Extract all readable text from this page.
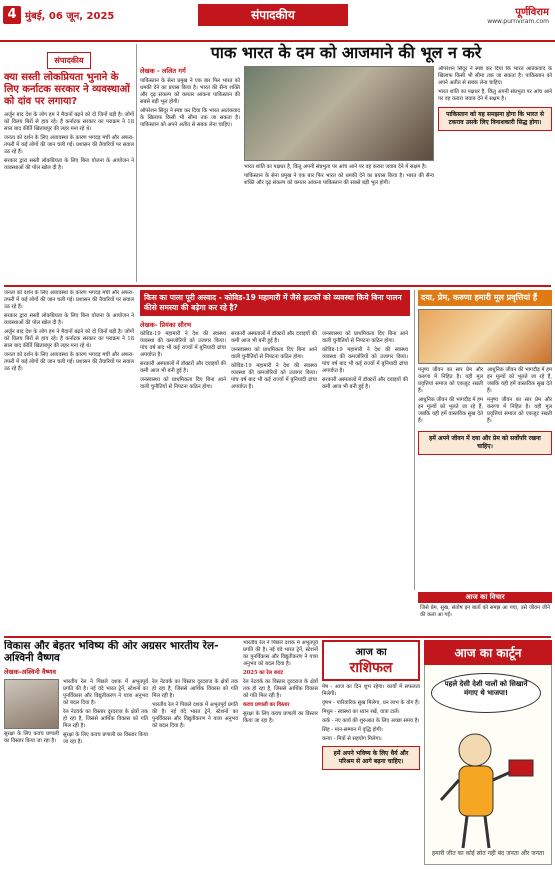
4 मुंबई, 06 जून, 2025	संपादकीय	पूर्णविराम
www.purnviram.com
पाक भारत के दम को आजमाने की भूल न करे
संपादकीय
क्या सस्ती लोकप्रियता भुनाने के लिए कर्नाटक सरकार ने व्यवस्थाओं को दांव पर लगाया?

अर्जुन बाद देश के लोग हम ने मैदानों बढ़ने को दो जिनों बड़ी है। जोगों को विलय बिरों से हाय रहे। है कर्नाटक सरकार का पराक्रम ने 18 साल बाद कीर्ति खिताबपुर की लहर मना रहे थे।

जनता को दर्शन के लिए अव्यवस्था के कारण भगदड़ मची और अफरा-तफरी में कई लोगों की जान चली गई। प्रशासन की तैयारियों पर सवाल उठ रहे हैं।

सरकार द्वारा सस्ती लोकप्रियता के लिए बिना योजना के आयोजन ने व्यवस्थाओं की पोल खोल दी है।

लेखक - ललित गर्ग

पाकिस्तान के सेना प्रमुख ने एक बार फिर भारत को धमकी देने का प्रयास किया है। भारत की सैन्य शक्ति और दृढ़ संकल्प को कमतर आंकना पाकिस्तान की सबसे बड़ी भूल होगी।

ऑपरेशन सिंदूर ने स्पष्ट कर दिया कि भारत आतंकवाद के खिलाफ किसी भी सीमा तक जा सकता है। पाकिस्तान को अपने अतीत से सबक लेना चाहिए।

भारत शांति का पक्षधर है, किंतु अपनी संप्रभुता पर आंच आने पर वह करारा जवाब देने में सक्षम है।

पाकिस्तान के सेना प्रमुख ने एक बार फिर भारत को धमकी देने का प्रयास किया है। भारत की सैन्य शक्ति और दृढ़ संकल्प को कमतर आंकना पाकिस्तान की सबसे बड़ी भूल होगी।

ऑपरेशन सिंदूर ने स्पष्ट कर दिया कि भारत आतंकवाद के खिलाफ किसी भी सीमा तक जा सकता है। पाकिस्तान को अपने अतीत से सबक लेना चाहिए।

भारत शांति का पक्षधर है, किंतु अपनी संप्रभुता पर आंच आने पर वह करारा जवाब देने में सक्षम है।

पाकिस्तान को यह समझना होगा कि भारत से टकराव उसके लिए विनाशकारी सिद्ध होगा।
किस का पाला पूरी अस्वाद - कोविड-19 महामारी में जैसे झटकों को व्यवस्था किये बिना पालन कीसे समस्या की बढ़ेगा कर रहे है?
लेखक- प्रियंका सौरभ

कोविड-19 महामारी ने देश की स्वास्थ्य व्यवस्था की कमजोरियों को उजागर किया। पांच वर्ष बाद भी कई राज्यों में बुनियादी ढांचा अपर्याप्त है।

सरकारी अस्पतालों में डॉक्टरों और दवाइयों की कमी आज भी बनी हुई है।

जनस्वास्थ्य को प्राथमिकता दिए बिना आने वाली चुनौतियों से निपटना कठिन होगा।

सरकारी अस्पतालों में डॉक्टरों और दवाइयों की कमी आज भी बनी हुई है।

जनस्वास्थ्य को प्राथमिकता दिए बिना आने वाली चुनौतियों से निपटना कठिन होगा।

कोविड-19 महामारी ने देश की स्वास्थ्य व्यवस्था की कमजोरियों को उजागर किया। पांच वर्ष बाद भी कई राज्यों में बुनियादी ढांचा अपर्याप्त है।

जनस्वास्थ्य को प्राथमिकता दिए बिना आने वाली चुनौतियों से निपटना कठिन होगा।

कोविड-19 महामारी ने देश की स्वास्थ्य व्यवस्था की कमजोरियों को उजागर किया। पांच वर्ष बाद भी कई राज्यों में बुनियादी ढांचा अपर्याप्त है।

सरकारी अस्पतालों में डॉक्टरों और दवाइयों की कमी आज भी बनी हुई है।

जनता को दर्शन के लिए अव्यवस्था के कारण भगदड़ मची और अफरा-तफरी में कई लोगों की जान चली गई। प्रशासन की तैयारियों पर सवाल उठ रहे हैं।

सरकार द्वारा सस्ती लोकप्रियता के लिए बिना योजना के आयोजन ने व्यवस्थाओं की पोल खोल दी है।

अर्जुन बाद देश के लोग हम ने मैदानों बढ़ने को दो जिनों बड़ी है। जोगों को विलय बिरों से हाय रहे। है कर्नाटक सरकार का पराक्रम ने 18 साल बाद कीर्ति खिताबपुर की लहर मना रहे थे।

जनता को दर्शन के लिए अव्यवस्था के कारण भगदड़ मची और अफरा-तफरी में कई लोगों की जान चली गई। प्रशासन की तैयारियों पर सवाल उठ रहे हैं।

दया, प्रेम, करुणा हमारी मूल प्रवृत्तियां हैं

मनुष्य जीवन का सार प्रेम और करुणा में निहित है। यही मूल प्रवृत्तियां समाज को एकजुट रखती हैं।

आधुनिक जीवन की भागदौड़ में हम इन मूल्यों को भूलते जा रहे हैं, जबकि यही हमें वास्तविक सुख देते हैं।

आधुनिक जीवन की भागदौड़ में हम इन मूल्यों को भूलते जा रहे हैं, जबकि यही हमें वास्तविक सुख देते हैं।

मनुष्य जीवन का सार प्रेम और करुणा में निहित है। यही मूल प्रवृत्तियां समाज को एकजुट रखती हैं।

हमें अपने जीवन में दया और प्रेम को सर्वोपरि रखना चाहिए।
आज का विचार
जिसे प्रेम, सुख, संतोष इन बातों को समझ आ गया, उसे जीवन जीने की कला आ गई।
विकास और बेहतर भविष्य की ओर अग्रसर भारतीय रेल-अश्विनी वैष्णव
लेखक-अश्विनी वैष्णव

सुरक्षा के लिए कवच प्रणाली का विस्तार किया जा रहा है।

भारतीय रेल ने पिछले दशक में अभूतपूर्व प्रगति की है। नई वंदे भारत ट्रेनें, स्टेशनों का पुनर्विकास और विद्युतीकरण ने यात्रा अनुभव को बदल दिया है।

रेल नेटवर्क का विस्तार दूरदराज के क्षेत्रों तक हो रहा है, जिससे आर्थिक विकास को गति मिल रही है।

सुरक्षा के लिए कवच प्रणाली का विस्तार किया जा रहा है।

रेल नेटवर्क का विस्तार दूरदराज के क्षेत्रों तक हो रहा है, जिससे आर्थिक विकास को गति मिल रही है।

भारतीय रेल ने पिछले दशक में अभूतपूर्व प्रगति की है। नई वंदे भारत ट्रेनें, स्टेशनों का पुनर्विकास और विद्युतीकरण ने यात्रा अनुभव को बदल दिया है।

भारतीय रेल ने पिछले दशक में अभूतपूर्व प्रगति की है। नई वंदे भारत ट्रेनें, स्टेशनों का पुनर्विकास और विद्युतीकरण ने यात्रा अनुभव को बदल दिया है।

2025 का रेल बजट

रेल नेटवर्क का विस्तार दूरदराज के क्षेत्रों तक हो रहा है, जिससे आर्थिक विकास को गति मिल रही है।

कवच प्रणाली का विस्तार

सुरक्षा के लिए कवच प्रणाली का विस्तार किया जा रहा है।

आज का
राशिफल

मेष - आज का दिन शुभ रहेगा। कार्यों में सफलता मिलेगी।

वृषभ - पारिवारिक सुख मिलेगा, धन लाभ के योग हैं।

मिथुन - स्वास्थ्य का ध्यान रखें, यात्रा टालें।

कर्क - नए कार्य की शुरुआत के लिए अच्छा समय है।

सिंह - मान-सम्मान में वृद्धि होगी।

कन्या - मित्रों से सहयोग मिलेगा।

हमें अपने भविष्य के लिए धैर्य और परिश्रम से आगे बढ़ना चाहिए।
आज का कार्टून
पहले देसी देशी पालों को सिखाने मंगाए थे भाजपा!
हमारी जीत का कोई स्रोत नहीं बंद जनता और जनता
